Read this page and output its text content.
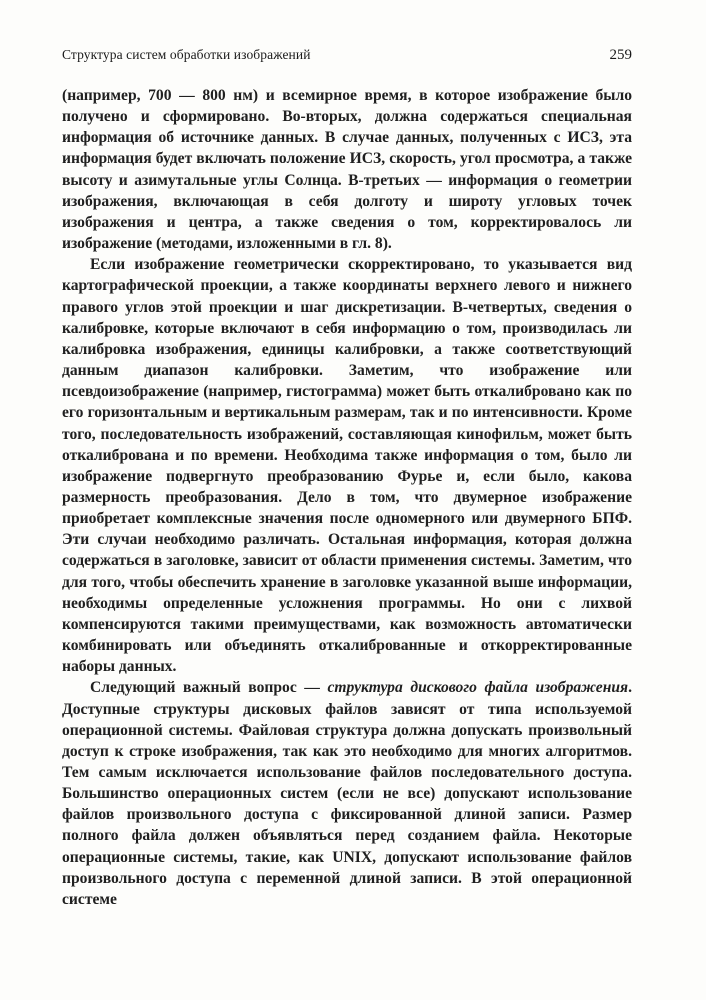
Структура систем обработки изображений	259

(например, 700 — 800 нм) и всемирное время, в которое изображение было получено и сформировано. Во-вторых, должна содержаться специальная информация об источнике данных. В случае данных, полученных с ИСЗ, эта информация будет включать положение ИСЗ, скорость, угол просмотра, а также высоту и азимутальные углы Солнца. В-третьих — информация о геометрии изображения, включающая в себя долготу и широту угловых точек изображения и центра, а также сведения о том, корректировалось ли изображение (методами, изложенными в гл. 8).

Если изображение геометрически скорректировано, то указывается вид картографической проекции, а также координаты верхнего левого и нижнего правого углов этой проекции и шаг дискретизации. В-четвертых, сведения о калибровке, которые включают в себя информацию о том, производилась ли калибровка изображения, единицы калибровки, а также соответствующий данным диапазон калибровки. Заметим, что изображение или псевдоизображение (например, гистограмма) может быть откалибровано как по его горизонтальным и вертикальным размерам, так и по интенсивности. Кроме того, последовательность изображений, составляющая кинофильм, может быть откалибрована и по времени. Необходима также информация о том, было ли изображение подвергнуто преобразованию Фурье и, если было, какова размерность преобразования. Дело в том, что двумерное изображение приобретает комплексные значения после одномерного или двумерного БПФ. Эти случаи необходимо различать. Остальная информация, которая должна содержаться в заголовке, зависит от области применения системы. Заметим, что для того, чтобы обеспечить хранение в заголовке указанной выше информации, необходимы определенные усложнения программы. Но они с лихвой компенсируются такими преимуществами, как возможность автоматически комбинировать или объединять откалиброванные и откорректированные наборы данных.

Следующий важный вопрос — структура дискового файла изображения. Доступные структуры дисковых файлов зависят от типа используемой операционной системы. Файловая структура должна допускать произвольный доступ к строке изображения, так как это необходимо для многих алгоритмов. Тем самым исключается использование файлов последовательного доступа. Большинство операционных систем (если не все) допускают использование файлов произвольного доступа с фиксированной длиной записи. Размер полного файла должен объявляться перед созданием файла. Некоторые операционные системы, такие, как UNIX, допускают использование файлов произвольного доступа с переменной длиной записи. В этой операционной системе
